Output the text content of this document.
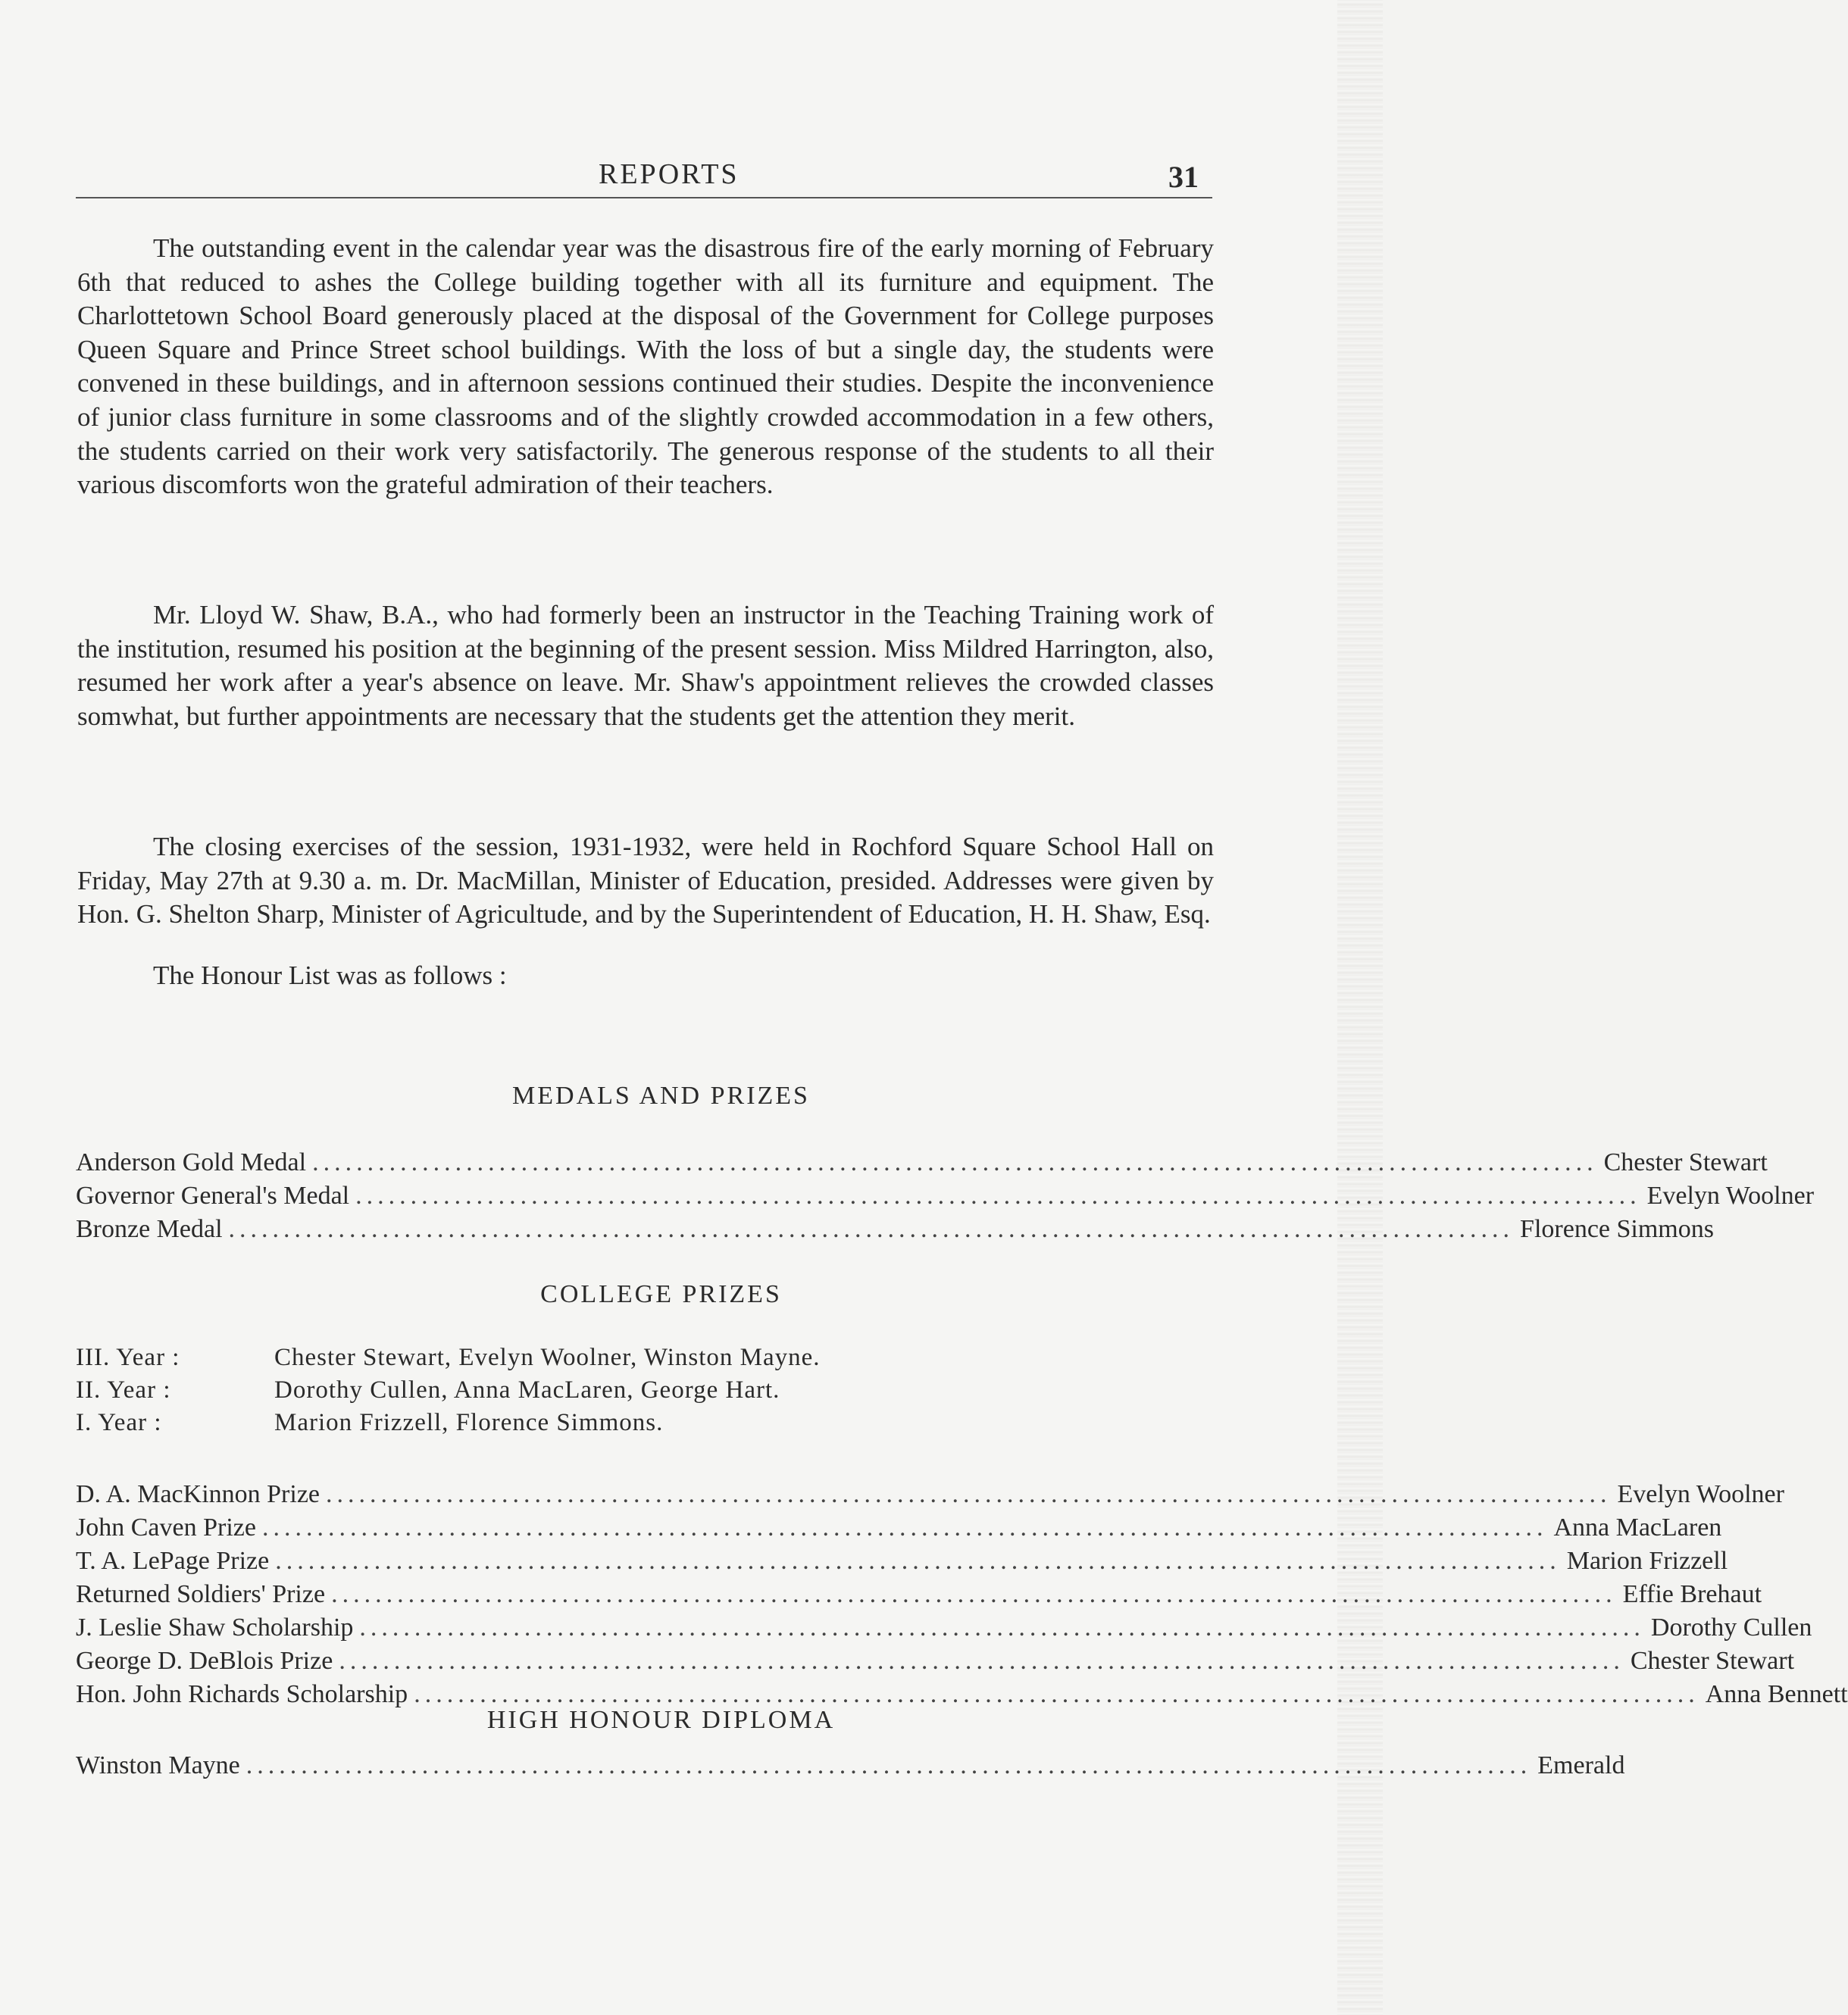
REPORTS	31

The outstanding event in the calendar year was the disastrous fire of the early morning of February 6th that reduced to ashes the College building together with all its furniture and equipment. The Charlottetown School Board generously placed at the disposal of the Government for College purposes Queen Square and Prince Street school buildings. With the loss of but a single day, the students were convened in these buildings, and in afternoon sessions continued their studies. Despite the inconvenience of junior class furniture in some classrooms and of the slightly crowded accommodation in a few others, the students carried on their work very satisfactorily. The generous response of the students to all their various discomforts won the grateful admiration of their teachers.

Mr. Lloyd W. Shaw, B.A., who had formerly been an instructor in the Teaching Training work of the institution, resumed his position at the beginning of the present session. Miss Mildred Harrington, also, resumed her work after a year's absence on leave. Mr. Shaw's appointment relieves the crowded classes somwhat, but further appointments are necessary that the students get the attention they merit.

The closing exercises of the session, 1931-1932, were held in Rochford Square School Hall on Friday, May 27th at 9.30 a. m. Dr. MacMillan, Minister of Education, presided. Addresses were given by Hon. G. Shelton Sharp, Minister of Agricultude, and by the Superintendent of Education, H. H. Shaw, Esq.

The Honour List was as follows :

MEDALS AND PRIZES
Anderson Gold Medal ..................................................................................................................... Chester Stewart
Governor General's Medal ..................................................................................................................... Evelyn Woolner
Bronze Medal ..................................................................................................................... Florence Simmons
COLLEGE PRIZES
III. Year :	Chester Stewart, Evelyn Woolner, Winston Mayne.
II. Year :	Dorothy Cullen, Anna MacLaren, George Hart.
I. Year :	Marion Frizzell, Florence Simmons.
D. A. MacKinnon Prize ..................................................................................................................... Evelyn Woolner
John Caven Prize ..................................................................................................................... Anna MacLaren
T. A. LePage Prize ..................................................................................................................... Marion Frizzell
Returned Soldiers' Prize ..................................................................................................................... Effie Brehaut
J. Leslie Shaw Scholarship ..................................................................................................................... Dorothy Cullen
George D. DeBlois Prize ..................................................................................................................... Chester Stewart
Hon. John Richards Scholarship ..................................................................................................................... Anna Bennett
HIGH HONOUR DIPLOMA
Winston Mayne ..................................................................................................................... Emerald
